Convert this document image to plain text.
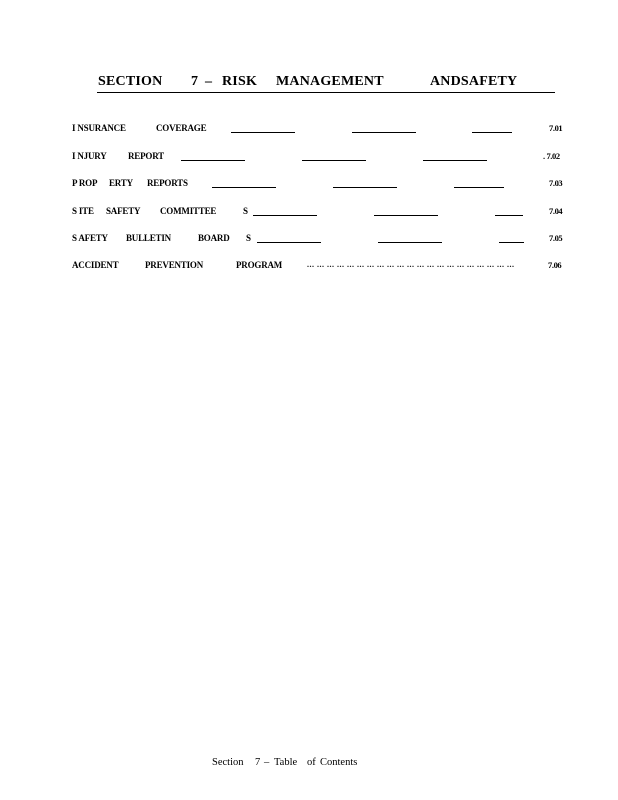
SECTION 7 – RISK MANAGEMENT	ANDSAFETY
I NSURANCE	COVERAGE	7.01
I NJURY REPORT	. 7.02
P ROP ERTY REPORTS	7.03
S ITE SAFETY COMMITTEE	S	7.04
S AFETY BULLETIN	BOARD S	7.05
ACCIDENT	PREVENTION	PROGRAM	... ... ... ... ... ... ... ... ... ... ... ... ... ... ... ... ... ... ... ... ...	7.06
Section 7 – Table of Contents
